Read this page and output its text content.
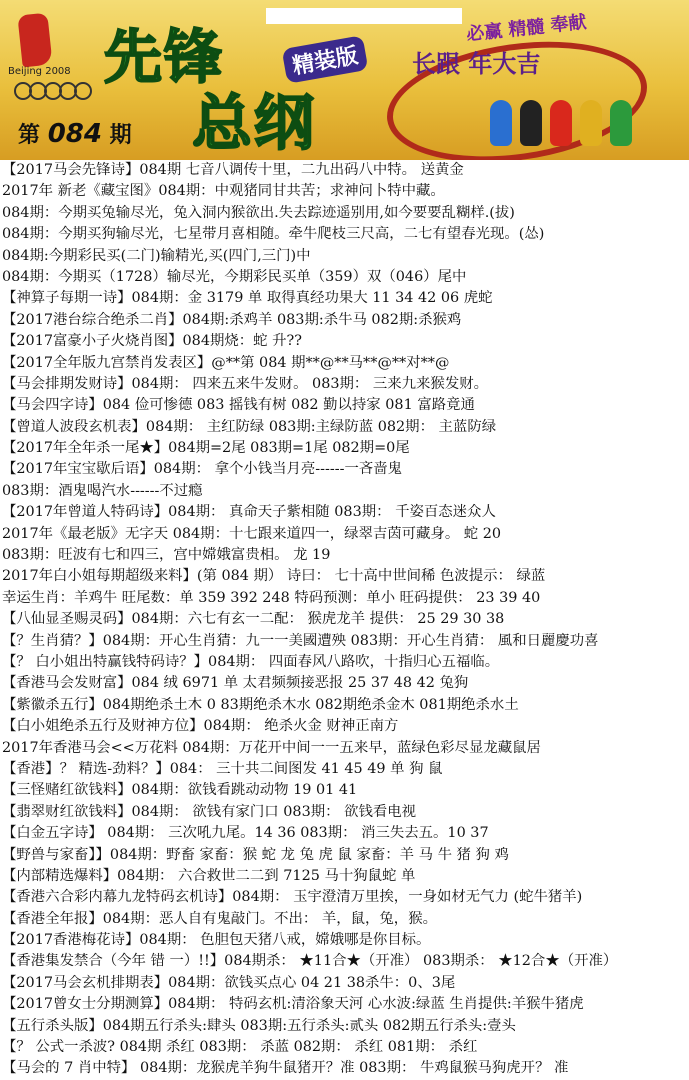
Beijing 2008 先锋
总纲
精装版
必赢 精髓 奉献
长跟 年大吉
第 084 期
【2017马会先锋诗】084期 七音八调传十里，二九出码八中特。 送黄金
2017年 新老《藏宝图》084期：中观猪同甘共苦；求神问卜特中藏。
084期：今期买兔输尽光，兔入洞内猴欲出.失去踪迹遥别用,如今要要乱糊样.(拔)
084期：今期买狗输尽光，七星带月喜相随。牵牛爬枝三尺高，二七有望春光现。(怂)
084期:今期彩民买(二门)输精光,买(四门,三门)中
084期：今期买（1728）输尽光，今期彩民买单（359）双（046）尾中
【神算子每期一诗】084期：金 3179 单 取得真经功果大 11 34 42 06 虎蛇
【2017港台综合绝杀二肖】084期:杀鸡羊 083期:杀牛马 082期:杀猴鸡
【2017富豪小子火烧肖图】084期烧：蛇 升??
【2017全年版九宫禁肖发表区】@**第 084 期**@**马**@**对**@
【马会排期发财诗】084期： 四来五来牛发财。 083期： 三来九来猴发财。
【马会四字诗】084 俭可惨德 083 摇钱有树 082 勤以持家 081 富路竟通
【曾道人波段玄机表】084期： 主红防绿 083期:主绿防蓝 082期： 主蓝防绿
【2017年全年杀一尾★】084期=2尾 083期=1尾 082期=0尾
【2017年宝宝歇后语】084期： 拿个小钱当月亮------一吝啬鬼
083期：酒鬼喝汽水------不过瘾
【2017年曾道人特码诗】084期： 真命天子紫相随 083期： 千姿百态迷众人
2017年《最老版》无字天 084期：十七跟来道四一，绿翠吉茵可藏身。 蛇 20
083期：旺波有七和四三，宫中嫦娥富贵相。 龙 19
2017年白小姐每期超级来料】(第 084 期） 诗曰： 七十高中世间稀 色波提示： 绿蓝
幸运生肖：羊鸡牛 旺尾数：单 359 392 248 特码预测：单小 旺码提供： 23 39 40
【八仙显圣赐灵码】084期：六七有玄一二配： 猴虎龙羊 提供： 25 29 30 38
【？生肖猜？】084期：开心生肖猜：九一一美國遭殃 083期：开心生肖猜： 風和日麗慶功喜
【？ 白小姐出特赢钱特码诗？】084期： 四面春风八路吹，十指归心五福临。
【香港马会发财富】084 绒 6971 单 太君频频接恶报 25 37 48 42 兔狗
【紫徽杀五行】084期绝杀土木 0 83期绝杀木水 082期绝杀金木 081期绝杀水土
【白小姐绝杀五行及财神方位】084期： 绝杀火金 财神正南方
2017年香港马会<<万花料 084期：万花开中间一一五来早，蓝绿色彩尽显龙藏鼠居
【香港】？ 精选-劲料？】084： 三十共二间图发 41 45 49 单 狗 鼠
【三怪赌红欲钱料】084期：欲钱看跳动动物 19 01 41
【翡翠财红欲钱料】084期： 欲钱有家门口 083期： 欲钱看电视
【白金五字诗】 084期： 三次吼九尾。14 36 083期： 消三失去五。10 37
【野兽与家畜】】084期：野畜 家畜：猴 蛇 龙 兔 虎 鼠 家畜：羊 马 牛 猪 狗 鸡
【内部精选爆料】084期： 六合救世二二到 7125 马十狗鼠蛇 单
【香港六合彩内幕九龙特码玄机诗】084期： 玉宇澄清万里挨，一身如材无气力 (蛇牛猪羊)
【香港全年报】084期：恶人自有鬼敲门。不出： 羊，鼠，兔，猴。
【2017香港梅花诗】084期： 色胆包天猪八戒，嫦娥哪是你目标。
【香港集发禁合（今年 错 一）!!】084期杀： ★11合★（开准） 083期杀： ★12合★（开准）
【2017马会玄机排期表】084期：欲钱买点心 04 21 38杀牛：0、3尾
【2017曾女士分期测算】084期： 特码玄机:清浴象天河 心水波:绿蓝 生肖提供:羊猴牛猪虎
【五行杀头版】084期五行杀头:肆头 083期:五行杀头:贰头 082期五行杀头:壹头
【？ 公式一杀波? 084期 杀红 083期： 杀蓝 082期： 杀红 081期： 杀红
【马会的 7 肖中特】 084期：龙猴虎羊狗牛鼠猪开？准 083期： 牛鸡鼠猴马狗虎开？ 准
